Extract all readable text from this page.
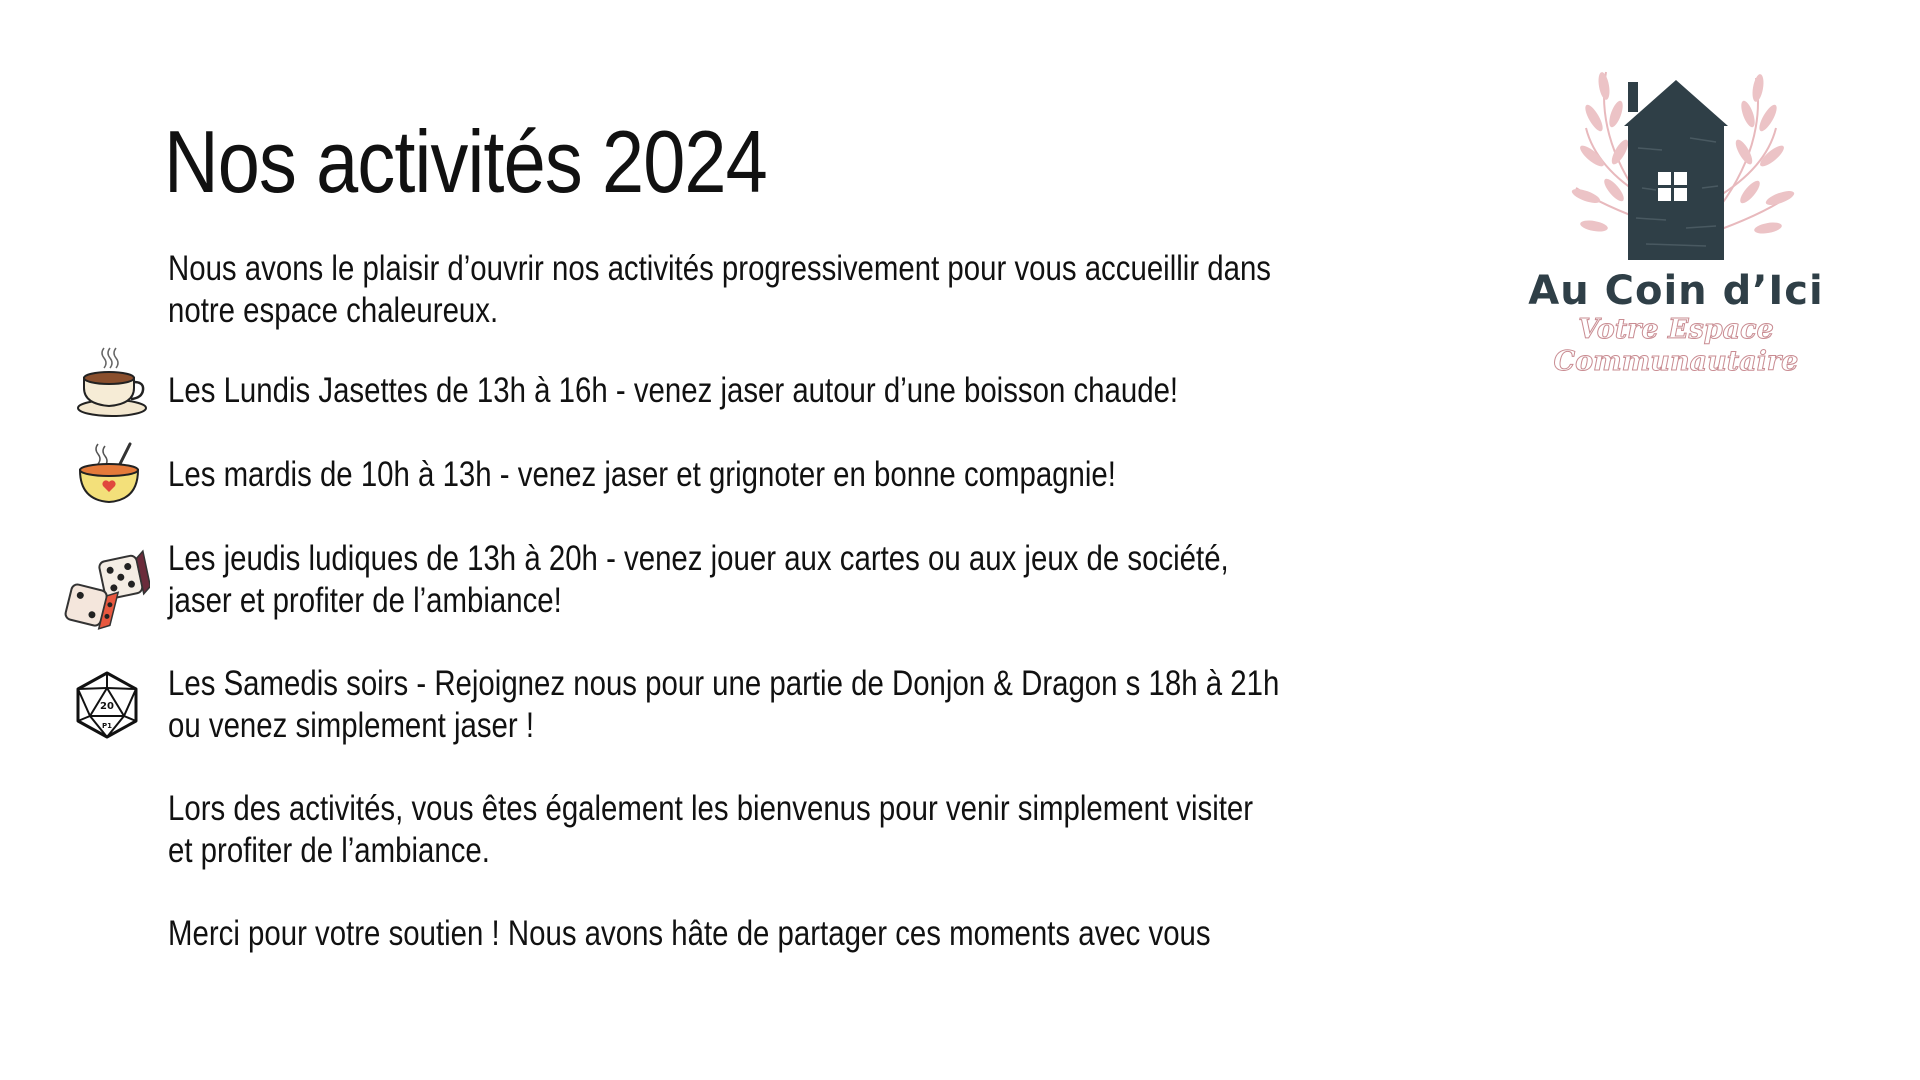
Nos activités 2024

Nous avons le plaisir d’ouvrir nos activités progressivement pour vous accueillir dans
notre espace chaleureux.

Les Lundis Jasettes de 13h à 16h - venez jaser autour d’une boisson chaude!

Les mardis de 10h à 13h - venez jaser et grignoter en bonne compagnie!

Les jeudis ludiques de 13h à 20h - venez jouer aux cartes ou aux jeux de société,
jaser et profiter de l’ambiance!

20
P1

Les Samedis soirs - Rejoignez nous pour une partie de Donjon & Dragon s 18h à 21h
ou venez simplement jaser !

Lors des activités, vous êtes également les bienvenus pour venir simplement visiter
et profiter de l’ambiance.

Merci pour votre soutien ! Nous avons hâte de partager ces moments avec vous

Au Coin d’Ici
Votre Espace Communautaire
